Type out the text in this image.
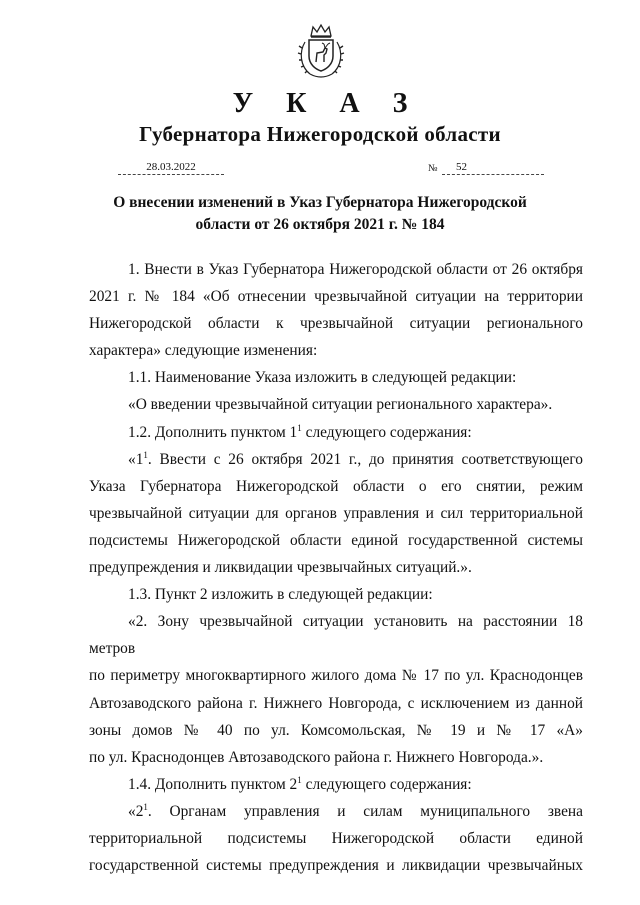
У К А З
Губернатора Нижегородской области
28.03.2022	№	52
О внесении изменений в Указ Губернатора Нижегородской
области от 26 октября 2021 г. № 184

1. Внести в Указ Губернатора Нижегородской области от 26 октября
2021 г. № 184 «Об отнесении чрезвычайной ситуации на территории
Нижегородской области к чрезвычайной ситуации регионального
характера» следующие изменения:

1.1. Наименование Указа изложить в следующей редакции:

«О введении чрезвычайной ситуации регионального характера».

1.2. Дополнить пунктом $1^1$ следующего содержания:

«$1^1$. Ввести с 26 октября 2021 г., до принятия соответствующего
Указа Губернатора Нижегородской области о его снятии, режим
чрезвычайной ситуации для органов управления и сил территориальной
подсистемы Нижегородской области единой государственной системы
предупреждения и ликвидации чрезвычайных ситуаций.».

1.3. Пункт 2 изложить в следующей редакции:

«2. Зону чрезвычайной ситуации установить на расстоянии 18 метров
по периметру многоквартирного жилого дома № 17 по ул. Краснодонцев
Автозаводского района г. Нижнего Новгорода, с исключением из данной
зоны домов № 40 по ул. Комсомольская, № 19 и № 17 «А»
по ул. Краснодонцев Автозаводского района г. Нижнего Новгорода.».

1.4. Дополнить пунктом $2^1$ следующего содержания:

«$2^1$. Органам управления и силам муниципального звена
территориальной подсистемы Нижегородской области единой
государственной системы предупреждения и ликвидации чрезвычайных
